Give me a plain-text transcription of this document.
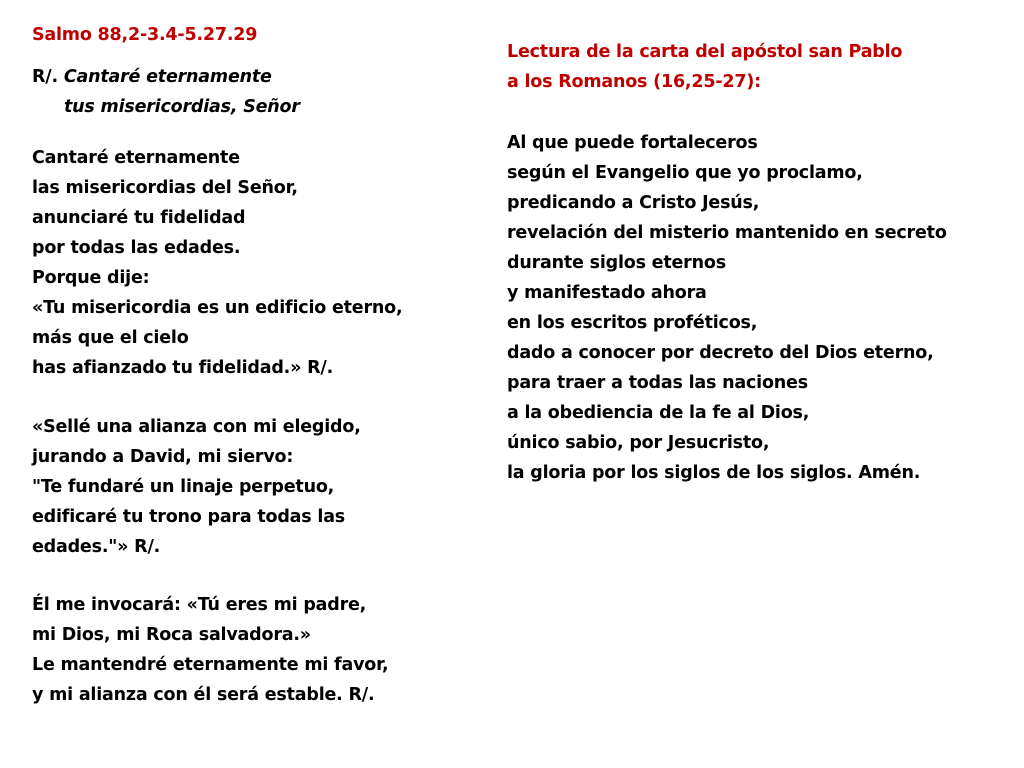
Salmo 88,2-3.4-5.27.29
R/. Cantaré eternamente
tus misericordias, Señor
Cantaré eternamente
las misericordias del Señor,
anunciaré tu fidelidad
por todas las edades.
Porque dije:
«Tu misericordia es un edificio eterno,
más que el cielo
has afianzado tu fidelidad.» R/.
«Sellé una alianza con mi elegido,
jurando a David, mi siervo:
"Te fundaré un linaje perpetuo,
edificaré tu trono para todas las
edades."» R/.
Él me invocará: «Tú eres mi padre,
mi Dios, mi Roca salvadora.»
Le mantendré eternamente mi favor,
y mi alianza con él será estable. R/.
Lectura de la carta del apóstol san Pablo
a los Romanos (16,25-27):
Al que puede fortaleceros
según el Evangelio que yo proclamo,
predicando a Cristo Jesús,
revelación del misterio mantenido en secreto
durante siglos eternos
y manifestado ahora
en los escritos proféticos,
dado a conocer por decreto del Dios eterno,
para traer a todas las naciones
a la obediencia de la fe al Dios,
único sabio, por Jesucristo,
la gloria por los siglos de los siglos. Amén.
